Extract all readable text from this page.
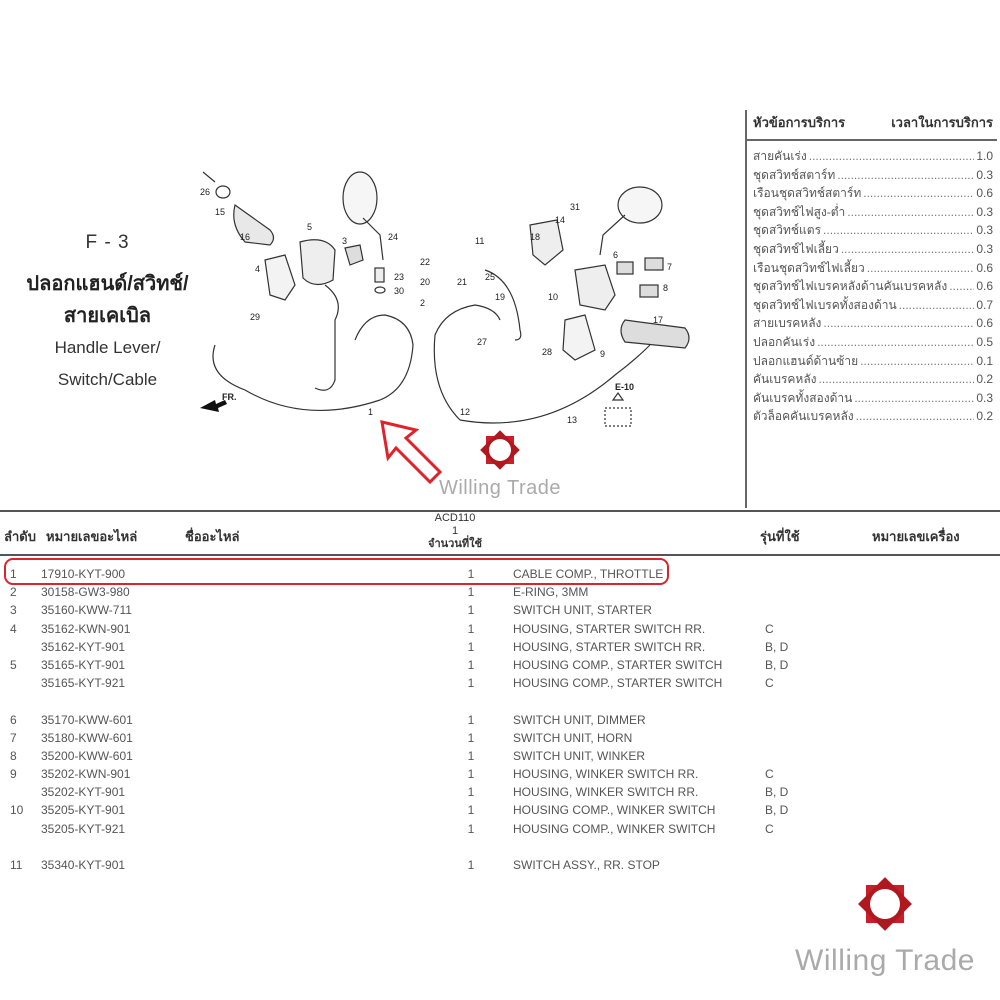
F - 3
ปลอกแฮนด์/สวิทช์/
สายเคเบิล
Handle Lever/
Switch/Cable
FR.
E-10
1
2
3
4
5
6
7
8
9
10
11
12
13
14
15
16
17
18
19
20	21
22
23
24
25
26
27
28
29
30
31
Willing Trade
หัวข้อการบริการ	เวลาในการบริการ
สายคันเร่ง .....	1.0
ชุดสวิทช์สตาร์ท .....	0.3
เรือนชุดสวิทช์สตาร์ท .....	0.6
ชุดสวิทช์ไฟสูง-ต่ำ .....	0.3
ชุดสวิทช์แตร .....	0.3
ชุดสวิทช์ไฟเลี้ยว .....	0.3
เรือนชุดสวิทช์ไฟเลี้ยว .....	0.6
ชุดสวิทช์ไฟเบรคหลังด้านคันเบรคหลัง ..... 0.6
ชุดสวิทช์ไฟเบรคทั้งสองด้าน .....	0.7
สายเบรคหลัง .....	0.6
ปลอกคันเร่ง .....	0.5
ปลอกแฮนด์ด้านซ้าย .....	0.1
คันเบรคหลัง .....	0.2
คันเบรคทั้งสองด้าน .....	0.3
ตัวล็อคคันเบรคหลัง .....	0.2
ลำดับ หมายเลขอะไหล่	ชื่ออะไหล่
ACD110
1
จำนวนที่ใช้	รุ่นที่ใช้	หมายเลขเครื่อง
1	17910-KYT-900	1	CABLE COMP., THROTTLE
2	30158-GW3-980	1	E-RING, 3MM
3	35160-KWW-711	1	SWITCH UNIT, STARTER
4	35162-KWN-901	1	HOUSING, STARTER SWITCH RR.	C
35162-KYT-901	1	HOUSING, STARTER SWITCH RR.	B, D
5	35165-KYT-901	1	HOUSING COMP., STARTER SWITCH	B, D
35165-KYT-921	1	HOUSING COMP., STARTER SWITCH	C
6	35170-KWW-601	1	SWITCH UNIT, DIMMER
7	35180-KWW-601	1	SWITCH UNIT, HORN
8	35200-KWW-601	1	SWITCH UNIT, WINKER
9	35202-KWN-901	1	HOUSING, WINKER SWITCH RR.	C
35202-KYT-901	1	HOUSING, WINKER SWITCH RR.	B, D
10	35205-KYT-901	1	HOUSING COMP., WINKER SWITCH	B, D
35205-KYT-921	1	HOUSING COMP., WINKER SWITCH	C
11	35340-KYT-901	1	SWITCH ASSY., RR. STOP
Willing Trade
